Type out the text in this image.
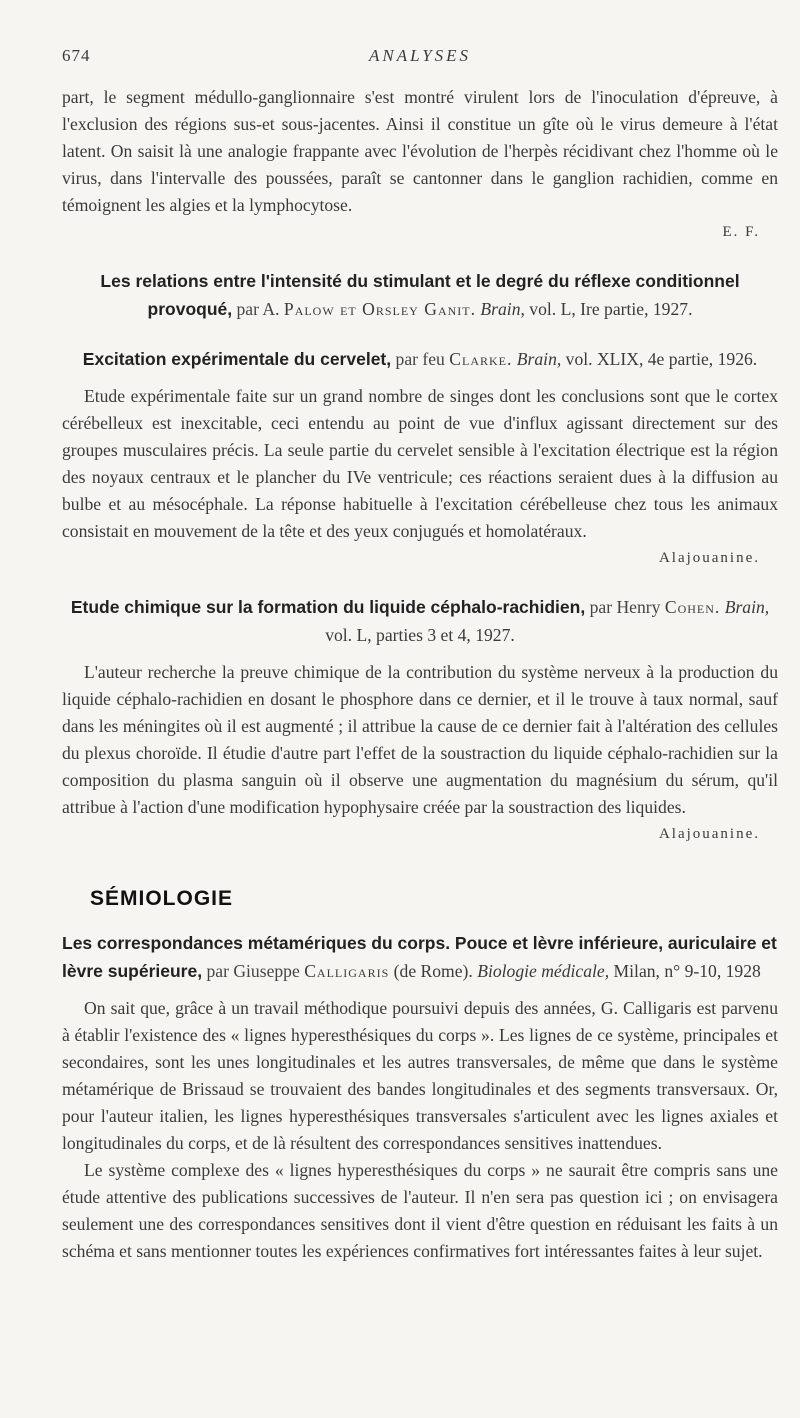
674	ANALYSES

part, le segment médullo-ganglionnaire s'est montré virulent lors de l'inoculation d'épreuve, à l'exclusion des régions sus-et sous-jacentes. Ainsi il constitue un gîte où le virus demeure à l'état latent. On saisit là une analogie frappante avec l'évolution de l'herpès récidivant chez l'homme où le virus, dans l'intervalle des poussées, paraît se cantonner dans le ganglion rachidien, comme en témoignent les algies et la lymphocytose.

E. F.
Les relations entre l'intensité du stimulant et le degré du réflexe conditionnel provoqué, par A. Palow et Orsley Ganit. Brain, vol. L, Ire partie, 1927.
Excitation expérimentale du cervelet, par feu Clarke. Brain, vol. XLIX, 4e partie, 1926.

Etude expérimentale faite sur un grand nombre de singes dont les conclusions sont que le cortex cérébelleux est inexcitable, ceci entendu au point de vue d'influx agissant directement sur des groupes musculaires précis. La seule partie du cervelet sensible à l'excitation électrique est la région des noyaux centraux et le plancher du IVe ventricule; ces réactions seraient dues à la diffusion au bulbe et au mésocéphale. La réponse habituelle à l'excitation cérébelleuse chez tous les animaux consistait en mouvement de la tête et des yeux conjugués et homolatéraux.

Alajouanine.
Etude chimique sur la formation du liquide céphalo-rachidien, par Henry Cohen. Brain, vol. L, parties 3 et 4, 1927.

L'auteur recherche la preuve chimique de la contribution du système nerveux à la production du liquide céphalo-rachidien en dosant le phosphore dans ce dernier, et il le trouve à taux normal, sauf dans les méningites où il est augmenté ; il attribue la cause de ce dernier fait à l'altération des cellules du plexus choroïde. Il étudie d'autre part l'effet de la soustraction du liquide céphalo-rachidien sur la composition du plasma sanguin où il observe une augmentation du magnésium du sérum, qu'il attribue à l'action d'une modification hypophysaire créée par la soustraction des liquides.

Alajouanine.
SÉMIOLOGIE
Les correspondances métamériques du corps. Pouce et lèvre inférieure, auriculaire et lèvre supérieure, par Giuseppe Calligaris (de Rome). Biologie médicale, Milan, n° 9-10, 1928

On sait que, grâce à un travail méthodique poursuivi depuis des années, G. Calligaris est parvenu à établir l'existence des « lignes hyperesthésiques du corps ». Les lignes de ce système, principales et secondaires, sont les unes longitudinales et les autres transversales, de même que dans le système métamérique de Brissaud se trouvaient des bandes longitudinales et des segments transversaux. Or, pour l'auteur italien, les lignes hyperesthésiques transversales s'articulent avec les lignes axiales et longitudinales du corps, et de là résultent des correspondances sensitives inattendues.

Le système complexe des « lignes hyperesthésiques du corps » ne saurait être compris sans une étude attentive des publications successives de l'auteur. Il n'en sera pas question ici ; on envisagera seulement une des correspondances sensitives dont il vient d'être question en réduisant les faits à un schéma et sans mentionner toutes les expériences confirmatives fort intéressantes faites à leur sujet.
